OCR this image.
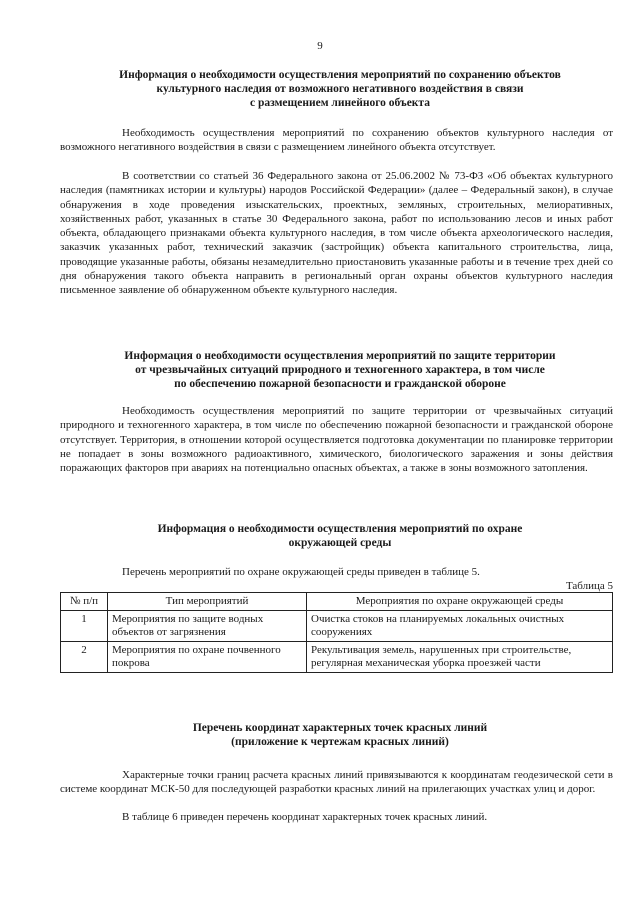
9
Информация о необходимости осуществления мероприятий по сохранению объектов
культурного наследия от возможного негативного воздействия в связи
с размещением линейного объекта

Необходимость осуществления мероприятий по сохранению объектов культурного наследия от возможного негативного воздействия в связи с размещением линейного объекта отсутствует.

В соответствии со статьей 36 Федерального закона от 25.06.2002 № 73-ФЗ «Об объектах культурного наследия (памятниках истории и культуры) народов Российской Федерации» (далее – Федеральный закон), в случае обнаружения в ходе проведения изыскательских, проектных, земляных, строительных, мелиоративных, хозяйственных работ, указанных в статье 30 Федерального закона, работ по использованию лесов и иных работ объекта, обладающего признаками объекта культурного наследия, в том числе объекта археологического наследия, заказчик указанных работ, технический заказчик (застройщик) объекта капитального строительства, лица, проводящие указанные работы, обязаны незамедлительно приостановить указанные работы и в течение трех дней со дня обнаружения такого объекта направить в региональный орган охраны объектов культурного наследия письменное заявление об обнаруженном объекте культурного наследия.

Информация о необходимости осуществления мероприятий по защите территории
от чрезвычайных ситуаций природного и техногенного характера, в том числе
по обеспечению пожарной безопасности и гражданской обороне

Необходимость осуществления мероприятий по защите территории от чрезвычайных ситуаций природного и техногенного характера, в том числе по обеспечению пожарной безопасности и гражданской обороне отсутствует. Территория, в отношении которой осуществляется подготовка документации по планировке территории не попадает в зоны возможного радиоактивного, химического, биологического заражения и зоны действия поражающих факторов при авариях на потенциально опасных объектах, а также в зоны возможного затопления.

Информация о необходимости осуществления мероприятий по охране
окружающей среды

Перечень мероприятий по охране окружающей среды приведен в таблице 5.

Таблица 5
№ п/п	Тип мероприятий	Мероприятия по охране окружающей среды
1	Мероприятия по защите водных объектов от загрязнения	Очистка стоков на планируемых локальных очистных сооружениях
2	Мероприятия по охране почвенного покрова	Рекультивация земель, нарушенных при строительстве, регулярная механическая уборка проезжей части
Перечень координат характерных точек красных линий
(приложение к чертежам красных линий)

Характерные точки границ расчета красных линий привязываются к координатам геодезической сети в системе координат МСК-50 для последующей разработки красных линий на прилегающих участках улиц и дорог.

В таблице 6 приведен перечень координат характерных точек красных линий.
